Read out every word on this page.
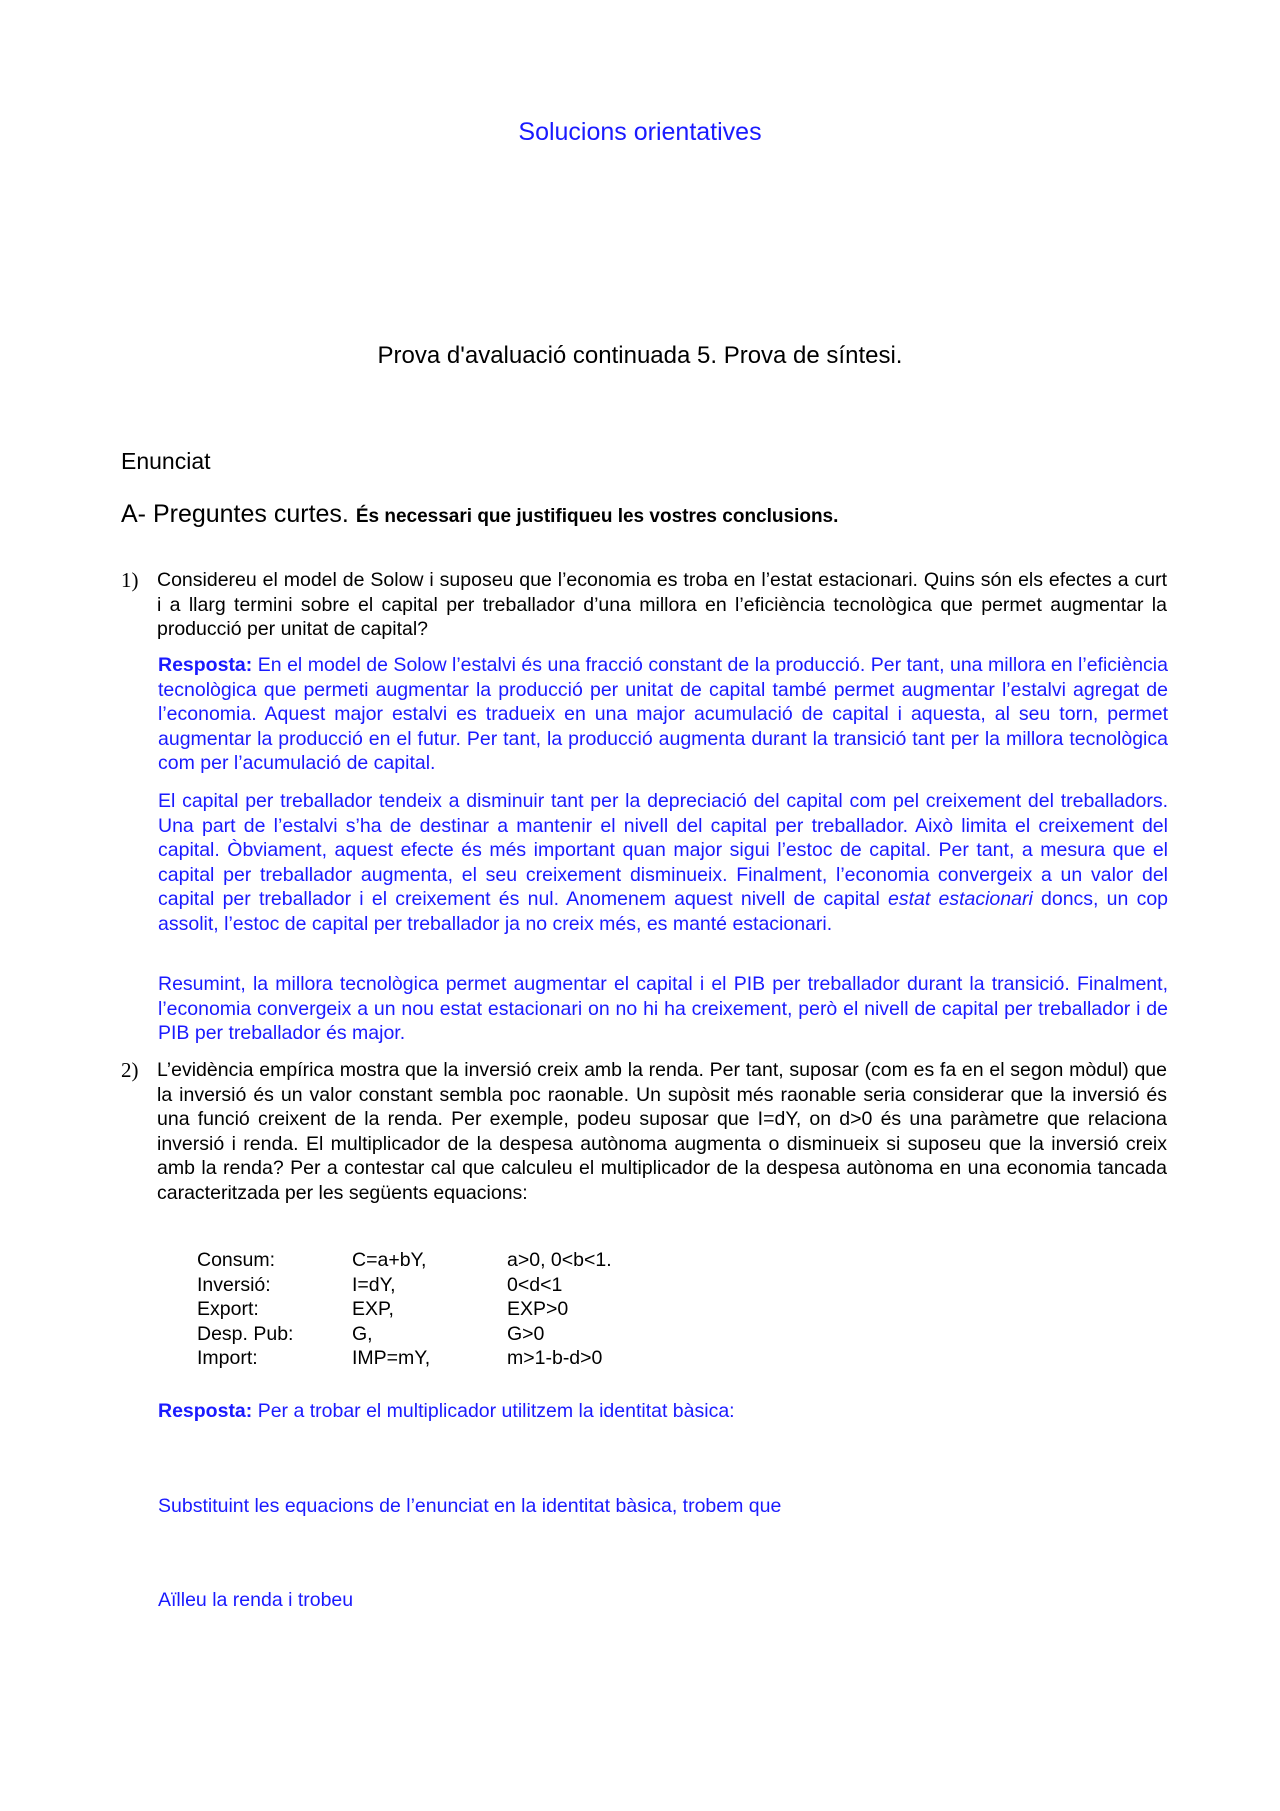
Solucions orientatives
Prova d'avaluació continuada 5. Prova de síntesi.
Enunciat
A- Preguntes curtes. És necessari que justifiqueu les vostres conclusions.
1) Considereu el model de Solow i suposeu que l’economia es troba en l’estat estacionari. Quins són els efectes a curt i a llarg termini sobre el capital per treballador d’una millora en l’eficiència tecnològica que permet augmentar la producció per unitat de capital?
Resposta: En el model de Solow l’estalvi és una fracció constant de la producció. Per tant, una millora en l’eficiència tecnològica que permeti augmentar la producció per unitat de capital també permet augmentar l’estalvi agregat de l’economia. Aquest major estalvi es tradueix en una major acumulació de capital i aquesta, al seu torn, permet augmentar la producció en el futur. Per tant, la producció augmenta durant la transició tant per la millora tecnològica com per l’acumulació de capital.
El capital per treballador tendeix a disminuir tant per la depreciació del capital com pel creixement del treballadors. Una part de l’estalvi s’ha de destinar a mantenir el nivell del capital per treballador. Això limita el creixement del capital. Òbviament, aquest efecte és més important quan major sigui l’estoc de capital. Per tant, a mesura que el capital per treballador augmenta, el seu creixement disminueix. Finalment, l’economia convergeix a un valor del capital per treballador i el creixement és nul. Anomenem aquest nivell de capital estat estacionari doncs, un cop assolit, l’estoc de capital per treballador ja no creix més, es manté estacionari.
Resumint, la millora tecnològica permet augmentar el capital i el PIB per treballador durant la transició. Finalment, l’economia convergeix a un nou estat estacionari on no hi ha creixement, però el nivell de capital per treballador i de PIB per treballador és major.
2) L’evidència empírica mostra que la inversió creix amb la renda. Per tant, suposar (com es fa en el segon mòdul) que la inversió és un valor constant sembla poc raonable. Un supòsit més raonable seria considerar que la inversió és una funció creixent de la renda. Per exemple, podeu suposar que I=dY, on d>0 és una paràmetre que relaciona inversió i renda. El multiplicador de la despesa autònoma augmenta o disminueix si suposeu que la inversió creix amb la renda? Per a contestar cal que calculeu el multiplicador de la despesa autònoma en una economia tancada caracteritzada per les següents equacions:
Consum:	C=a+bY,	a>0, 0<b<1.
Inversió:	I=dY,	0<d<1
Export:	EXP,	EXP>0
Desp. Pub:	G,	G>0
Import:	IMP=mY,	m>1-b-d>0
Resposta: Per a trobar el multiplicador utilitzem la identitat bàsica:
Substituint les equacions de l’enunciat en la identitat bàsica, trobem que
Aïlleu la renda i trobeu
